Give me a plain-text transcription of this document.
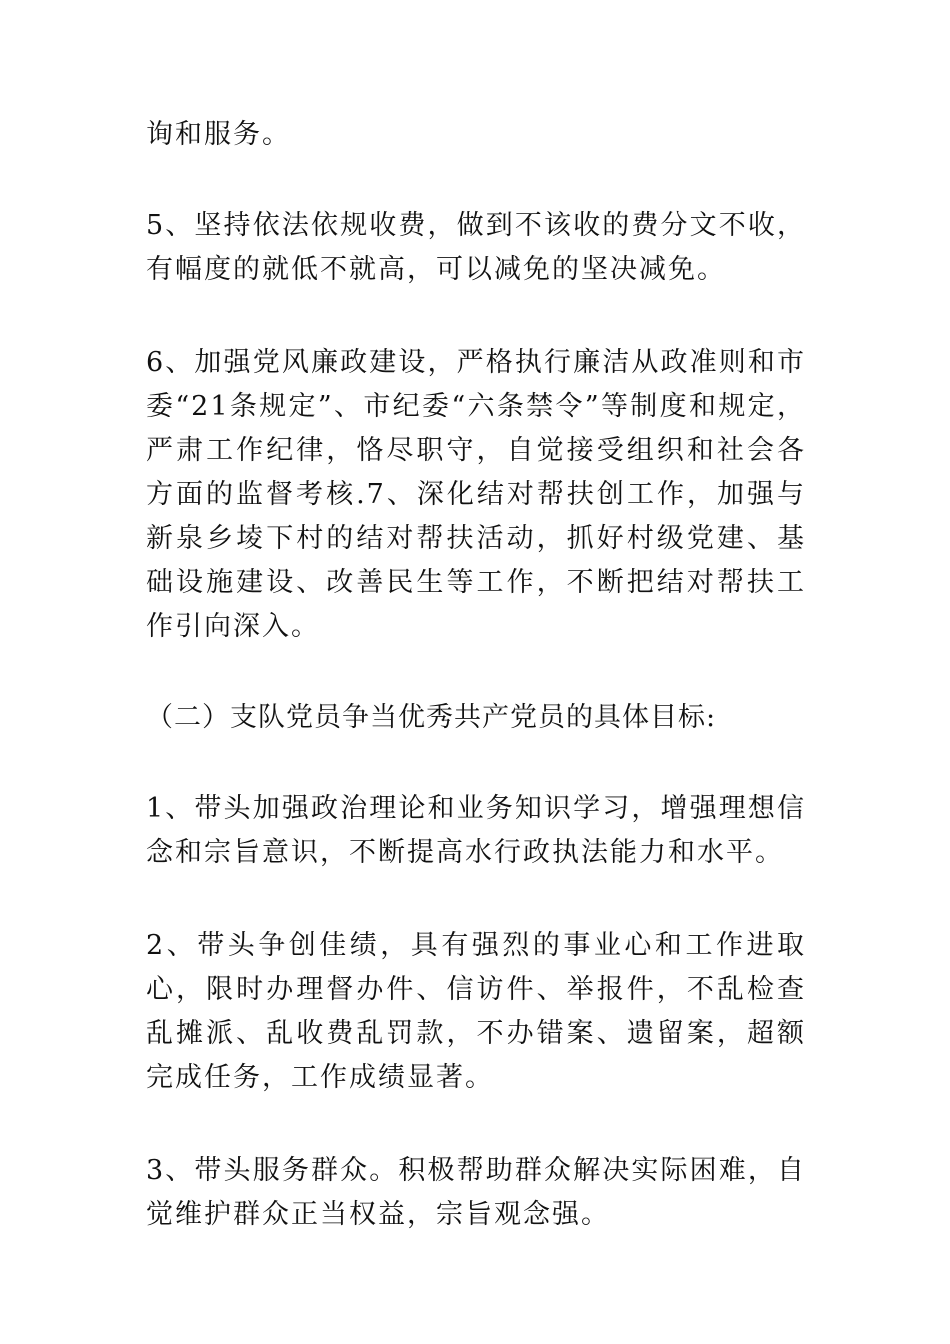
询和服务。

5、坚持依法依规收费，做到不该收的费分文不收，有幅度的就低不就高，可以减免的坚决减免。

6、加强党风廉政建设，严格执行廉洁从政准则和市委“21条规定”、市纪委“六条禁令”等制度和规定，严肃工作纪律，恪尽职守，自觉接受组织和社会各方面的监督考核.7、深化结对帮扶创工作，加强与新泉乡堎下村的结对帮扶活动，抓好村级党建、基础设施建设、改善民生等工作，不断把结对帮扶工作引向深入。

（二）支队党员争当优秀共产党员的具体目标:

1、带头加强政治理论和业务知识学习，增强理想信念和宗旨意识，不断提高水行政执法能力和水平。

2、带头争创佳绩，具有强烈的事业心和工作进取心，限时办理督办件、信访件、举报件，不乱检查乱摊派、乱收费乱罚款，不办错案、遗留案，超额完成任务，工作成绩显著。

3、带头服务群众。积极帮助群众解决实际困难，自觉维护群众正当权益，宗旨观念强。
